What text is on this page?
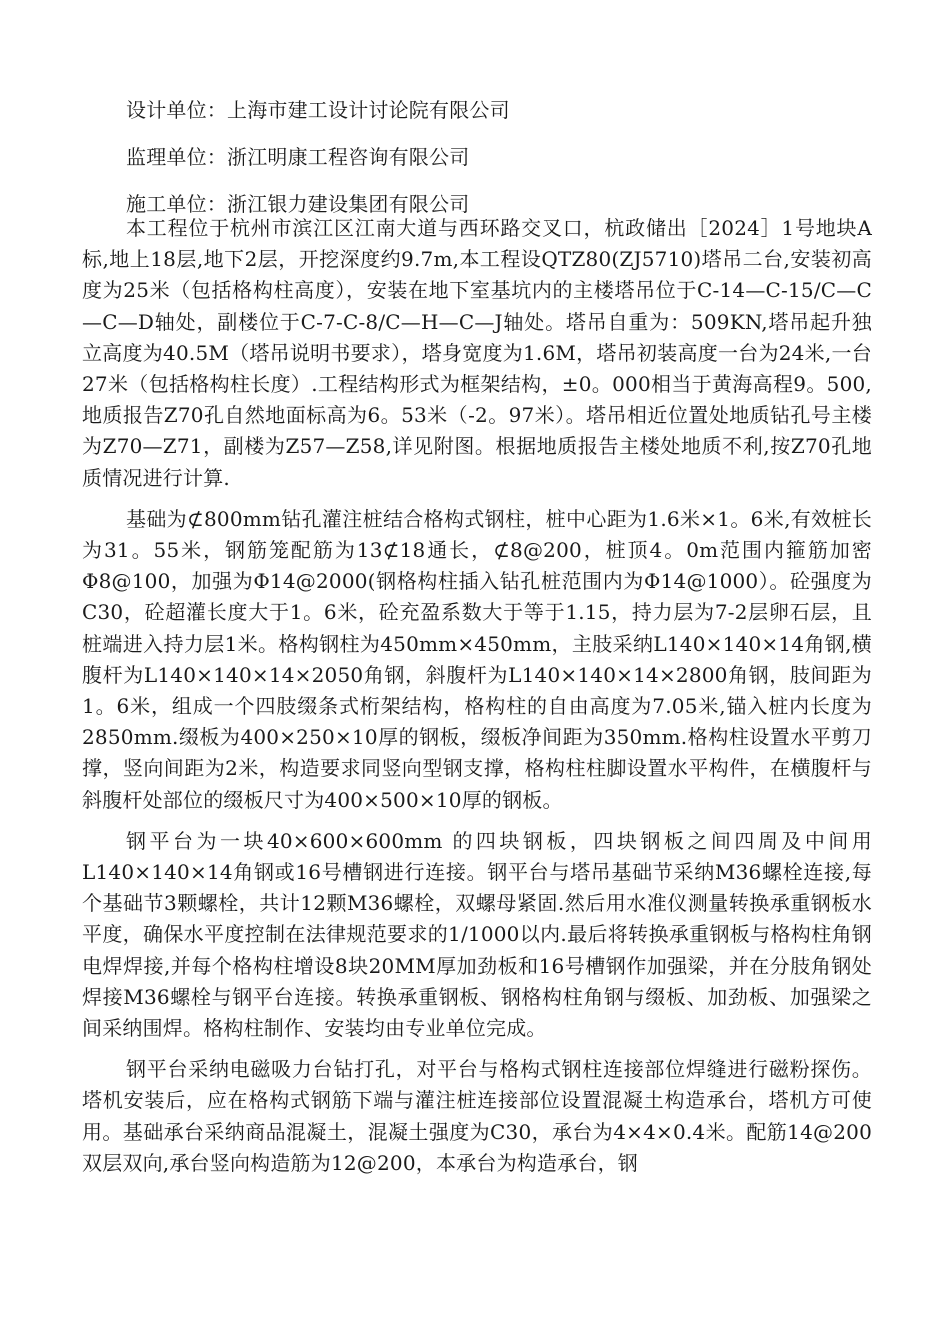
设计单位：上海市建工设计讨论院有限公司

监理单位：浙江明康工程咨询有限公司

施工单位：浙江银力建设集团有限公司

本工程位于杭州市滨江区江南大道与西环路交叉口，杭政储出［2024］1号地块A标,地上18层,地下2层，开挖深度约9.7m,本工程设QTZ80(ZJ5710)塔吊二台,安装初高度为25米（包括格构柱高度），安装在地下室基坑内的主楼塔吊位于C-14—C-15/C—C—C—D轴处，副楼位于C-7-C-8/C—H—C—J轴处。塔吊自重为：509KN,塔吊起升独立高度为40.5M（塔吊说明书要求），塔身宽度为1.6M，塔吊初装高度一台为24米,一台27米（包括格构柱长度）.工程结构形式为框架结构，±0。000相当于黄海高程9。500,地质报告Z70孔自然地面标高为6。53米（-2。97米）。塔吊相近位置处地质钻孔号主楼为Z70—Z71，副楼为Z57—Z58,详见附图。根据地质报告主楼处地质不利,按Z70孔地质情况进行计算.

基础为⊄800mm钻孔灌注桩结合格构式钢柱，桩中心距为1.6米×1。6米,有效桩长为31。55米，钢筋笼配筋为13⊄18通长，⊄8@200，桩顶4。0m范围内箍筋加密Φ8@100，加强为Φ14@2000(钢格构柱插入钻孔桩范围内为Φ14@1000）。砼强度为C30，砼超灌长度大于1。6米，砼充盈系数大于等于1.15，持力层为7-2层卵石层，且桩端进入持力层1米。格构钢柱为450mm×450mm，主肢采纳L140×140×14角钢,横腹杆为L140×140×14×2050角钢，斜腹杆为L140×140×14×2800角钢，肢间距为1。6米，组成一个四肢缀条式桁架结构，格构柱的自由高度为7.05米,锚入桩内长度为2850mm.缀板为400×250×10厚的钢板，缀板净间距为350mm.格构柱设置水平剪刀撑，竖向间距为2米，构造要求同竖向型钢支撑，格构柱柱脚设置水平构件，在横腹杆与斜腹杆处部位的缀板尺寸为400×500×10厚的钢板。

钢平台为一块40×600×600mm 的四块钢板，四块钢板之间四周及中间用L140×140×14角钢或16号槽钢进行连接。钢平台与塔吊基础节采纳M36螺栓连接,每个基础节3颗螺栓，共计12颗M36螺栓，双螺母紧固.然后用水准仪测量转换承重钢板水平度，确保水平度控制在法律规范要求的1/1000以内.最后将转换承重钢板与格构柱角钢电焊焊接,并每个格构柱增设8块20MM厚加劲板和16号槽钢作加强梁，并在分肢角钢处焊接M36螺栓与钢平台连接。转换承重钢板、钢格构柱角钢与缀板、加劲板、加强梁之间采纳围焊。格构柱制作、安装均由专业单位完成。

钢平台采纳电磁吸力台钻打孔，对平台与格构式钢柱连接部位焊缝进行磁粉探伤。塔机安装后，应在格构式钢筋下端与灌注桩连接部位设置混凝土构造承台，塔机方可使用。基础承台采纳商品混凝土，混凝土强度为C30，承台为4×4×0.4米。配筋14@200双层双向,承台竖向构造筋为12@200，本承台为构造承台，钢
